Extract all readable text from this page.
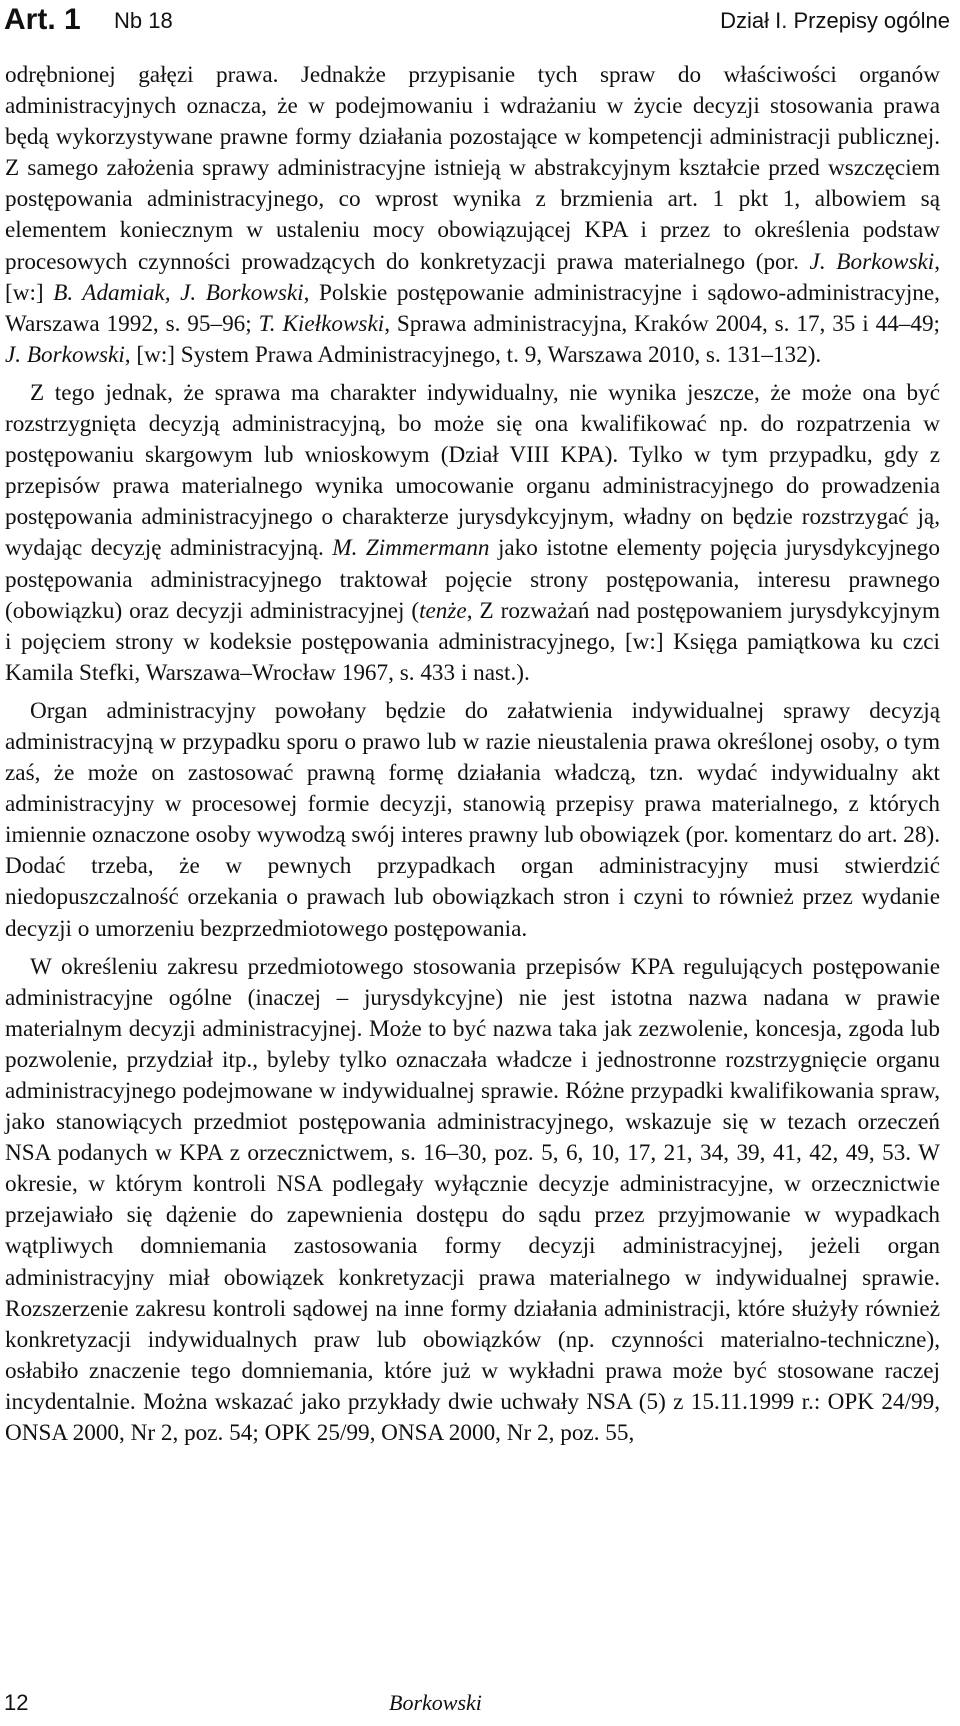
Art. 1 Nb 18	Dział I. Przepisy ogólne

odrębnionej gałęzi prawa. Jednakże przypisanie tych spraw do właściwości organów administracyjnych oznacza, że w podejmowaniu i wdrażaniu w życie decyzji stosowania prawa będą wykorzystywane prawne formy działania pozostające w kompetencji administracji publicznej. Z samego założenia sprawy administracyjne istnieją w abstrakcyjnym kształcie przed wszczęciem postępowania administracyjnego, co wprost wynika z brzmienia art. 1 pkt 1, albowiem są elementem koniecznym w ustaleniu mocy obowiązującej KPA i przez to określenia podstaw procesowych czynności prowadzących do konkretyzacji prawa materialnego (por. J. Borkowski, [w:] B. Adamiak, J. Borkowski, Polskie postępowanie administracyjne i sądowo-administracyjne, Warszawa 1992, s. 95–96; T. Kiełkowski, Sprawa administracyjna, Kraków 2004, s. 17, 35 i 44–49; J. Borkowski, [w:] System Prawa Administracyjnego, t. 9, Warszawa 2010, s. 131–132).

Z tego jednak, że sprawa ma charakter indywidualny, nie wynika jeszcze, że może ona być rozstrzygnięta decyzją administracyjną, bo może się ona kwalifikować np. do rozpatrzenia w postępowaniu skargowym lub wnioskowym (Dział VIII KPA). Tylko w tym przypadku, gdy z przepisów prawa materialnego wynika umocowanie organu administracyjnego do prowadzenia postępowania administracyjnego o charakterze jurysdykcyjnym, władny on będzie rozstrzygać ją, wydając decyzję administracyjną. M. Zimmermann jako istotne elementy pojęcia jurysdykcyjnego postępowania administracyjnego traktował pojęcie strony postępowania, interesu prawnego (obowiązku) oraz decyzji administracyjnej (tenże, Z rozważań nad postępowaniem jurysdykcyjnym i pojęciem strony w kodeksie postępowania administracyjnego, [w:] Księga pamiątkowa ku czci Kamila Stefki, Warszawa–Wrocław 1967, s. 433 i nast.).

Organ administracyjny powołany będzie do załatwienia indywidualnej sprawy decyzją administracyjną w przypadku sporu o prawo lub w razie nieustalenia prawa określonej osoby, o tym zaś, że może on zastosować prawną formę działania władczą, tzn. wydać indywidualny akt administracyjny w procesowej formie decyzji, stanowią przepisy prawa materialnego, z których imiennie oznaczone osoby wywodzą swój interes prawny lub obowiązek (por. komentarz do art. 28). Dodać trzeba, że w pewnych przypadkach organ administracyjny musi stwierdzić niedopuszczalność orzekania o prawach lub obowiązkach stron i czyni to również przez wydanie decyzji o umorzeniu bezprzedmiotowego postępowania.

W określeniu zakresu przedmiotowego stosowania przepisów KPA regulujących postępowanie administracyjne ogólne (inaczej – jurysdykcyjne) nie jest istotna nazwa nadana w prawie materialnym decyzji administracyjnej. Może to być nazwa taka jak zezwolenie, koncesja, zgoda lub pozwolenie, przydział itp., byleby tylko oznaczała władcze i jednostronne rozstrzygnięcie organu administracyjnego podejmowane w indywidualnej sprawie. Różne przypadki kwalifikowania spraw, jako stanowiących przedmiot postępowania administracyjnego, wskazuje się w tezach orzeczeń NSA podanych w KPA z orzecznictwem, s. 16–30, poz. 5, 6, 10, 17, 21, 34, 39, 41, 42, 49, 53. W okresie, w którym kontroli NSA podlegały wyłącznie decyzje administracyjne, w orzecznictwie przejawiało się dążenie do zapewnienia dostępu do sądu przez przyjmowanie w wypadkach wątpliwych domniemania zastosowania formy decyzji administracyjnej, jeżeli organ administracyjny miał obowiązek konkretyzacji prawa materialnego w indywidualnej sprawie. Rozszerzenie zakresu kontroli sądowej na inne formy działania administracji, które służyły również konkretyzacji indywidualnych praw lub obowiązków (np. czynności materialno-techniczne), osłabiło znaczenie tego domniemania, które już w wykładni prawa może być stosowane raczej incydentalnie. Można wskazać jako przykłady dwie uchwały NSA (5) z 15.11.1999 r.: OPK 24/99, ONSA 2000, Nr 2, poz. 54; OPK 25/99, ONSA 2000, Nr 2, poz. 55,

12	Borkowski
